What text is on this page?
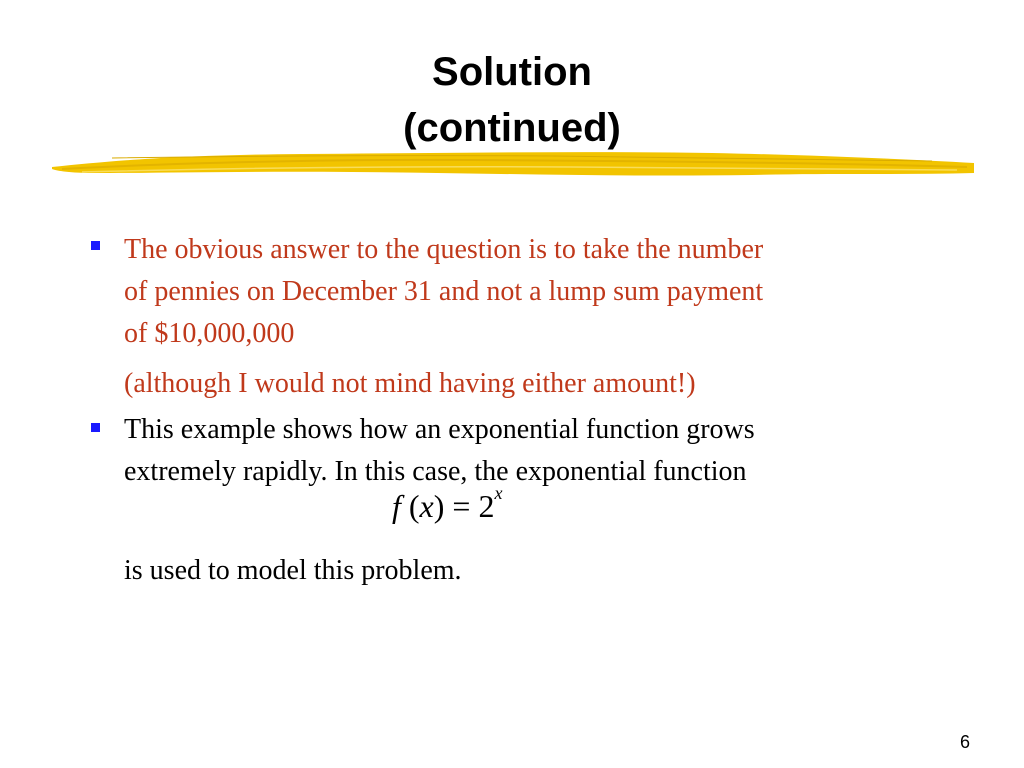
Solution
(continued)
The obvious answer to the question is to take the number
of pennies on December 31 and not a lump sum payment
of $10,000,000
(although I would not mind having either amount!)
This example shows how an exponential function grows
extremely rapidly. In this case, the exponential function
f $(x) = 2^x$
is used to model this problem.
6
